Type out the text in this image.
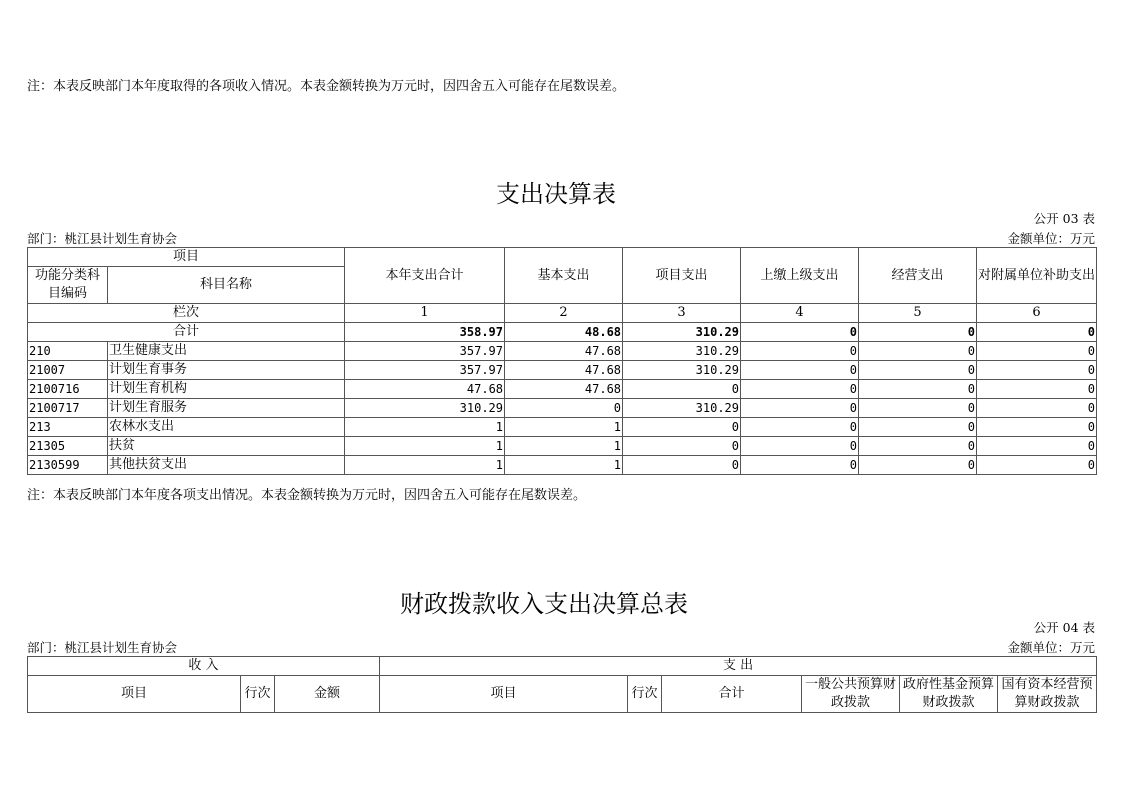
注：本表反映部门本年度取得的各项收入情况。本表金额转换为万元时，因四舍五入可能存在尾数误差。
支出决算表
公开 03 表
部门：桃江县计划生育协会	金额单位：万元
项目		本年支出合计	基本支出	项目支出	上缴上级支出	经营支出	对附属单位补助支出
功能分类科目编码	科目名称						

栏次		1	2	3	4	5	6
合计		358.97	48.68	310.29	0	0	0
210	卫生健康支出	357.97	47.68	310.29	0	0	0
21007	计划生育事务	357.97	47.68	310.29	0	0	0
2100716	计划生育机构	47.68	47.68	0	0	0	0
2100717	计划生育服务	310.29	0	310.29	0	0	0
213	农林水支出	1	1	0	0	0	0
21305	扶贫	1	1	0	0	0	0
2130599	其他扶贫支出	1	1	0	0	0	0
注：本表反映部门本年度各项支出情况。本表金额转换为万元时，因四舍五入可能存在尾数误差。
财政拨款收入支出决算总表
公开 04 表
部门：桃江县计划生育协会	金额单位：万元
收 入			支 出					
项目	行次	金额	项目	行次	合计	一般公共预算财政拨款	政府性基金预算财政拨款	国有资本经营预算财政拨款
